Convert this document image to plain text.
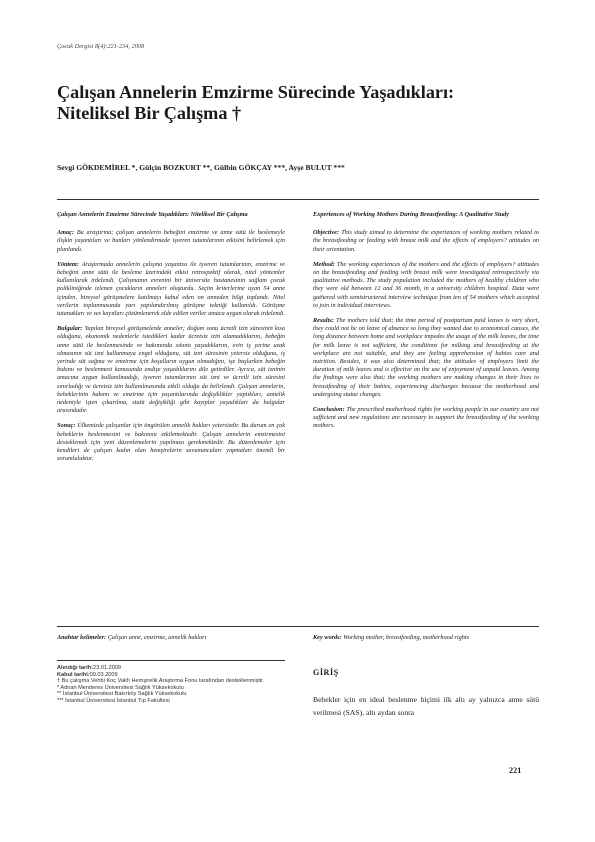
Çocuk Dergisi 8(4):221-234, 2008
Çalışan Annelerin Emzirme Sürecinde Yaşadıkları:
Niteliksel Bir Çalışma †
Sevgi GÖKDEMİREL *, Gülçin BOZKURT **, Gülbin GÖKÇAY ***, Ayşe BULUT ***

Çalışan Annelerin Emzirme Sürecinde Yaşadıkları: Niteliksel Bir Çalışma

Amaç: Bu araştırma; çalışan annelerin bebeğini emzirme ve anne sütü ile beslemeyle ilişkin yaşantıları ve bunları yönlendirmede işveren tutumlarının etkisini belirlemek için planlandı.

Yöntem: Araştırmada annelerin çalışma yaşantısı ile işveren tutumlarının, emzirme ve bebeğini anne sütü ile besleme üzerindeki etkisi retrospektif olarak, nitel yöntemler kullanılarak irdelendi. Çalışmanın evrenini bir üniversite hastanesinin sağlam çocuk polikliniğinde izlenen çocukların anneleri oluşturdu. Seçim kriterlerine uyan 54 anne içinden, bireysel görüşmelere katılmayı kabul eden on anneden bilgi toplandı. Nitel verilerin toplanmasında yarı yapılandırılmış görüşme tekniği kullanıldı. Görüşme tutanakları ve ses kayıtları çözümlenerek elde edilen veriler amaca uygun olarak irdelendi.

Bulgular: Yapılan bireysel görüşmelerde anneler; doğum sonu ücretli izin süresinin kısa olduğunu, ekonomik nedenlerle istedikleri kadar ücretsiz izin alamadıklarını, bebeğin anne sütü ile beslenmesinde ve bakımında sıkıntı yaşadıklarını, evin iş yerine uzak olmasının süt izni kullanmaya engel olduğunu, süt izni süresinin yetersiz olduğunu, iş yerinde süt sağma ve emzirme için koşulların uygun olmadığını, işe başlarken bebeğin bakımı ve beslenmesi konusunda endişe yaşadıklarını dile getirdiler. Ayrıca, süt izninin amacına uygun kullanılmadığı, işveren tutumlarının süt izni ve ücretli izin süresini sınırladığı ve ücretsiz izin kullanılmasında etkili olduğu da belirlendi. Çalışan annelerin, bebeklerinin bakımı ve emzirme için yaşantılarında değişiklikler yaptıkları, annelik nedeniyle işten çıkarılma, statü değişikliği gibi kayıplar yaşadıkları da bulgular arasındadır.

Sonuç: Ülkemizde çalışanlar için öngörülen annelik hakları yetersizdir. Bu durum en çok bebeklerin beslenmesini ve bakımını etkilemektedir. Çalışan annelerin emzirmesini desteklemek için yeni düzenlemelerin yapılması gerekmektedir. Bu düzenlemeler için kendileri de çalışan kadın olan hemşirelerin savununcuları yapmaları önemli bir sorumluluktur.

Experiences of Working Mothers During Breastfeeding: A Qualitative Study

Objective: This study aimed to determine the experiences of working mothers related to the breastfeeding or feeding with breast milk and the effects of employers? attitudes on their orientation.

Method: The working experiences of the mothers and the effects of employers? attitudes on the breastfeeding and feeding with breast milk were investigated retrospectively via qualitative methods. The study population included the mothers of healthy children who they were old between 12 and 36 month, in a university children hospital. Data were gathered with semistructered interview technique from ten of 54 mothers which accepted to join in individual interviews.

Results: The mothers told that; the time period of postpartum paid leaves is very short, they could not be on leave of absence so long they wanted due to economical causes, the long distance between home and workplace impedes the usage of the milk leaves, the time for milk leave is not sufficient, the conditions for milking and breastfeeding at the workplace are not suitable, and they are feeling apprehension of babies care and nutrition. Besides, it was also determined that; the attitudes of employers limit the duration of milk leaves and is effective on the use of enjoyment of unpaid leaves. Among the findings were also that; the working mothers are making changes in their lives to breastfeeding of their babies, experiencing discharges because the motherhood and undergoing statue changes.

Conclusion: The prescribed motherhood rights for working people in our country are not sufficient and new regulations are necessary to support the breastfeeding of the working mothers.

Anahtar kelimeler: Çalışan anne, emzirme, annelik hakları	Key words: Working mother, breastfeeding, motherhood rights
Alındığı tarih:23.01.2009
Kabul tarihi:09.03.2009
† Bu çalışma Vehbi Koç Vakfı Hemşirelik Araştırma Fonu tarafından desteklenmiştir.
* Adnan Menderes Üniversitesi Sağlık Yüksekokulu
** İstanbul Üniversitesi Bakırköy Sağlık Yüksekokulu
*** İstanbul Üniversitesi İstanbul Tıp Fakültesi
GİRİŞ
Bebekler için en ideal beslenme biçimi ilk altı ay yalnızca anne sütü verilmesi (SAS), altı aydan sonra
221
